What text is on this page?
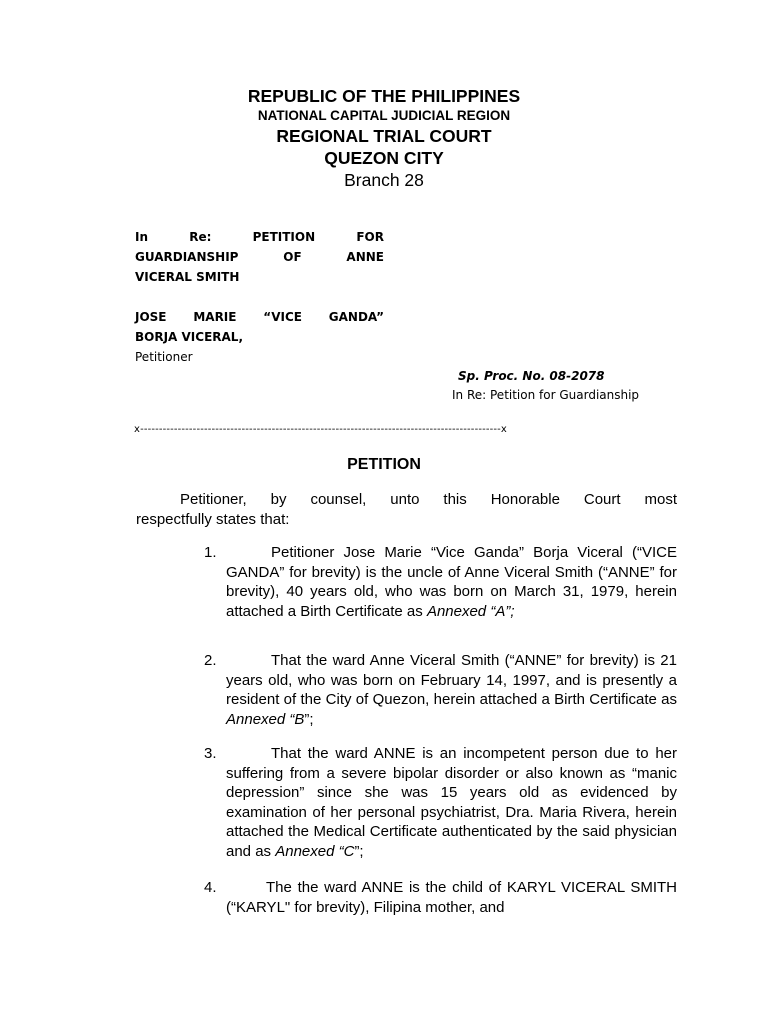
REPUBLIC OF THE PHILIPPINES
NATIONAL CAPITAL JUDICIAL REGION
REGIONAL TRIAL COURT
QUEZON CITY
Branch 28
In Re: PETITION FOR
GUARDIANSHIP OF ANNE
VICERAL SMITH
JOSE MARIE “VICE GANDA”
BORJA VICERAL,
Petitioner
Sp. Proc. No. 08-2078
In Re: Petition for Guardianship
x------------------------------------------------------------------------------------------------x
PETITION
Petitioner, by counsel, unto this Honorable Court most
respectfully states that:
1.	Petitioner Jose Marie “Vice Ganda” Borja Viceral (“VICE GANDA” for brevity) is the uncle of Anne Viceral Smith (“ANNE” for brevity), 40 years old, who was born on March 31, 1979, herein attached a Birth Certificate as Annexed “A”;
2.	That the ward Anne Viceral Smith (“ANNE” for brevity) is 21 years old, who was born on February 14, 1997, and is presently a resident of the City of Quezon, herein attached a Birth Certificate as Annexed “B”;
3.	That the ward ANNE is an incompetent person due to her suffering from a severe bipolar disorder or also known as “manic depression” since she was 15 years old as evidenced by examination of her personal psychiatrist, Dra. Maria Rivera, herein attached the Medical Certificate authenticated by the said physician and as Annexed “C”;
4.	The the ward ANNE is the child of KARYL VICERAL SMITH (“KARYL" for brevity), Filipina mother, and
